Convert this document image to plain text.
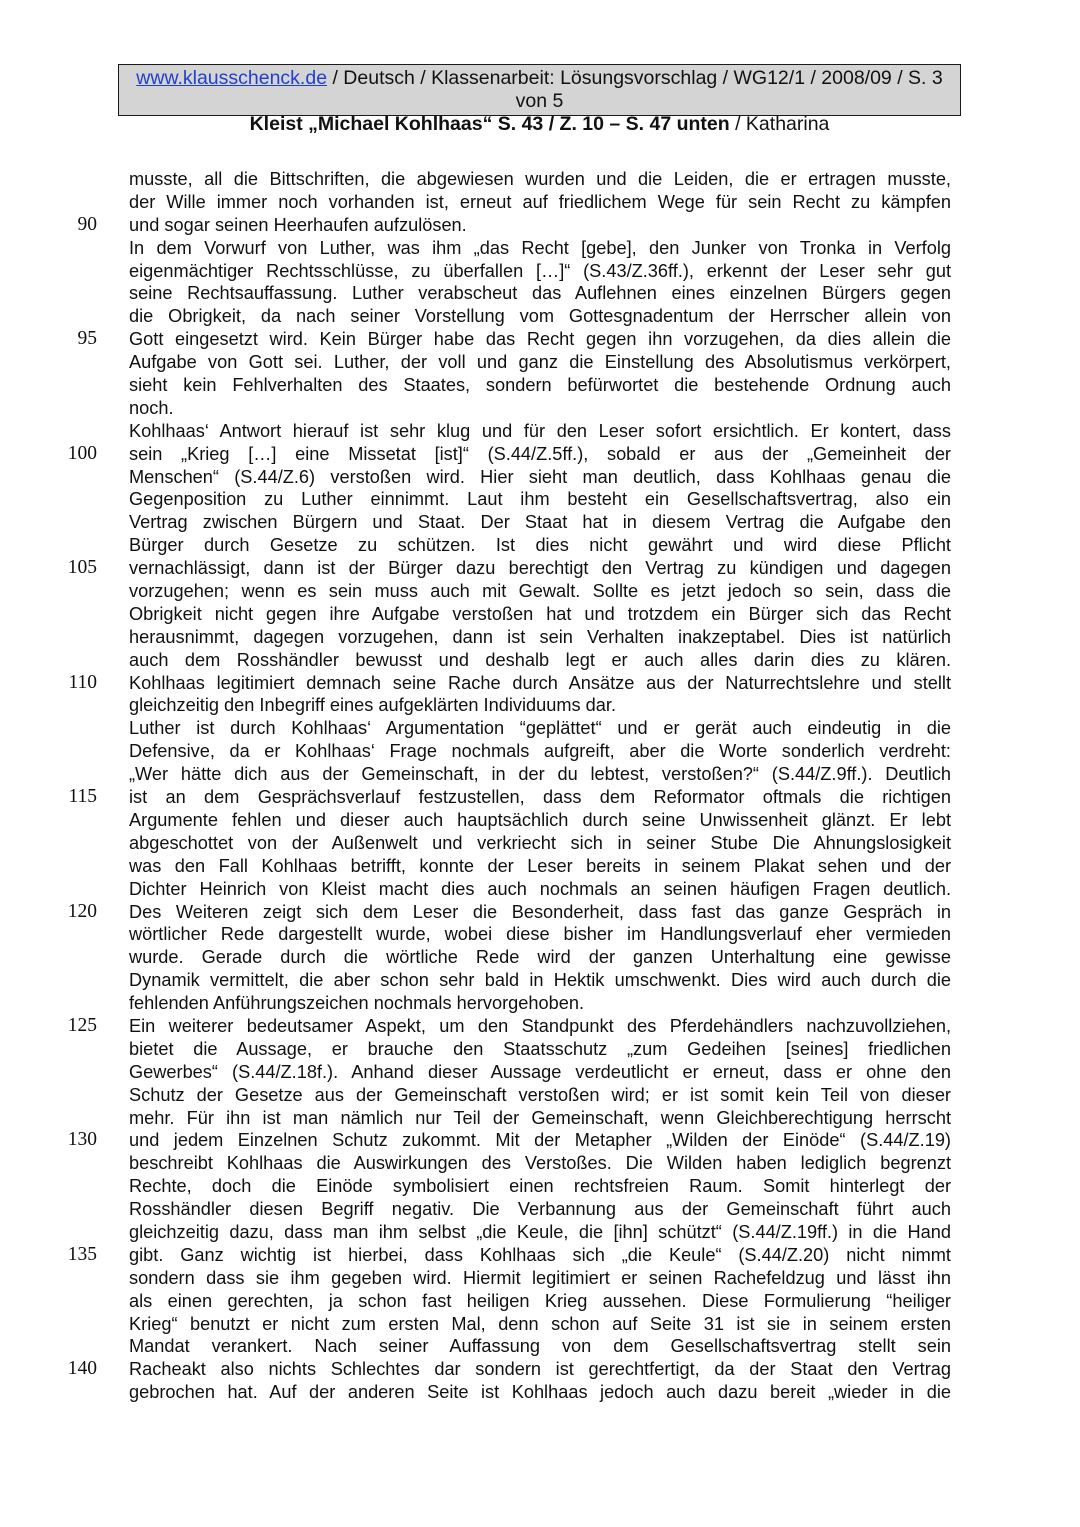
www.klausschenck.de / Deutsch / Klassenarbeit: Lösungsvorschlag / WG12/1 / 2008/09 / S. 3 von 5
Kleist „Michael Kohlhaas“ S. 43 / Z. 10 – S. 47 unten / Katharina
musste, all die Bittschriften, die abgewiesen wurden und die Leiden, die er ertragen musste,
der Wille immer noch vorhanden ist, erneut auf friedlichem Wege für sein Recht zu kämpfen
90 und sogar seinen Heerhaufen aufzulösen.
In dem Vorwurf von Luther, was ihm „das Recht [gebe], den Junker von Tronka in Verfolg
eigenmächtiger Rechtsschlüsse, zu überfallen […]“ (S.43/Z.36ff.), erkennt der Leser sehr gut
seine Rechtsauffassung. Luther verabscheut das Auflehnen eines einzelnen Bürgers gegen
die Obrigkeit, da nach seiner Vorstellung vom Gottesgnadentum der Herrscher allein von
95 Gott eingesetzt wird. Kein Bürger habe das Recht gegen ihn vorzugehen, da dies allein die
Aufgabe von Gott sei. Luther, der voll und ganz die Einstellung des Absolutismus verkörpert,
sieht kein Fehlverhalten des Staates, sondern befürwortet die bestehende Ordnung auch
noch.
Kohlhaas‘ Antwort hierauf ist sehr klug und für den Leser sofort ersichtlich. Er kontert, dass
100 sein „Krieg […] eine Missetat [ist]“ (S.44/Z.5ff.), sobald er aus der „Gemeinheit der
Menschen“ (S.44/Z.6) verstoßen wird. Hier sieht man deutlich, dass Kohlhaas genau die
Gegenposition zu Luther einnimmt. Laut ihm besteht ein Gesellschaftsvertrag, also ein
Vertrag zwischen Bürgern und Staat. Der Staat hat in diesem Vertrag die Aufgabe den
Bürger durch Gesetze zu schützen. Ist dies nicht gewährt und wird diese Pflicht
105 vernachlässigt, dann ist der Bürger dazu berechtigt den Vertrag zu kündigen und dagegen
vorzugehen; wenn es sein muss auch mit Gewalt. Sollte es jetzt jedoch so sein, dass die
Obrigkeit nicht gegen ihre Aufgabe verstoßen hat und trotzdem ein Bürger sich das Recht
herausnimmt, dagegen vorzugehen, dann ist sein Verhalten inakzeptabel. Dies ist natürlich
auch dem Rosshändler bewusst und deshalb legt er auch alles darin dies zu klären.
110 Kohlhaas legitimiert demnach seine Rache durch Ansätze aus der Naturrechtslehre und stellt
gleichzeitig den Inbegriff eines aufgeklärten Individuums dar.
Luther ist durch Kohlhaas‘ Argumentation “geplättet“ und er gerät auch eindeutig in die
Defensive, da er Kohlhaas‘ Frage nochmals aufgreift, aber die Worte sonderlich verdreht:
„Wer hätte dich aus der Gemeinschaft, in der du lebtest, verstoßen?“ (S.44/Z.9ff.). Deutlich
115 ist an dem Gesprächsverlauf festzustellen, dass dem Reformator oftmals die richtigen
Argumente fehlen und dieser auch hauptsächlich durch seine Unwissenheit glänzt. Er lebt
abgeschottet von der Außenwelt und verkriecht sich in seiner Stube Die Ahnungslosigkeit
was den Fall Kohlhaas betrifft, konnte der Leser bereits in seinem Plakat sehen und der
Dichter Heinrich von Kleist macht dies auch nochmals an seinen häufigen Fragen deutlich.
120 Des Weiteren zeigt sich dem Leser die Besonderheit, dass fast das ganze Gespräch in
wörtlicher Rede dargestellt wurde, wobei diese bisher im Handlungsverlauf eher vermieden
wurde. Gerade durch die wörtliche Rede wird der ganzen Unterhaltung eine gewisse
Dynamik vermittelt, die aber schon sehr bald in Hektik umschwenkt. Dies wird auch durch die
fehlenden Anführungszeichen nochmals hervorgehoben.
125 Ein weiterer bedeutsamer Aspekt, um den Standpunkt des Pferdehändlers nachzuvollziehen,
bietet die Aussage, er brauche den Staatsschutz „zum Gedeihen [seines] friedlichen
Gewerbes“ (S.44/Z.18f.). Anhand dieser Aussage verdeutlicht er erneut, dass er ohne den
Schutz der Gesetze aus der Gemeinschaft verstoßen wird; er ist somit kein Teil von dieser
mehr. Für ihn ist man nämlich nur Teil der Gemeinschaft, wenn Gleichberechtigung herrscht
130 und jedem Einzelnen Schutz zukommt. Mit der Metapher „Wilden der Einöde“ (S.44/Z.19)
beschreibt Kohlhaas die Auswirkungen des Verstoßes. Die Wilden haben lediglich begrenzt
Rechte, doch die Einöde symbolisiert einen rechtsfreien Raum. Somit hinterlegt der
Rosshändler diesen Begriff negativ. Die Verbannung aus der Gemeinschaft führt auch
gleichzeitig dazu, dass man ihm selbst „die Keule, die [ihn] schützt“ (S.44/Z.19ff.) in die Hand
135 gibt. Ganz wichtig ist hierbei, dass Kohlhaas sich „die Keule“ (S.44/Z.20) nicht nimmt
sondern dass sie ihm gegeben wird. Hiermit legitimiert er seinen Rachefeldzug und lässt ihn
als einen gerechten, ja schon fast heiligen Krieg aussehen. Diese Formulierung “heiliger
Krieg“ benutzt er nicht zum ersten Mal, denn schon auf Seite 31 ist sie in seinem ersten
Mandat verankert. Nach seiner Auffassung von dem Gesellschaftsvertrag stellt sein
140 Racheakt also nichts Schlechtes dar sondern ist gerechtfertigt, da der Staat den Vertrag
gebrochen hat. Auf der anderen Seite ist Kohlhaas jedoch auch dazu bereit „wieder in die
